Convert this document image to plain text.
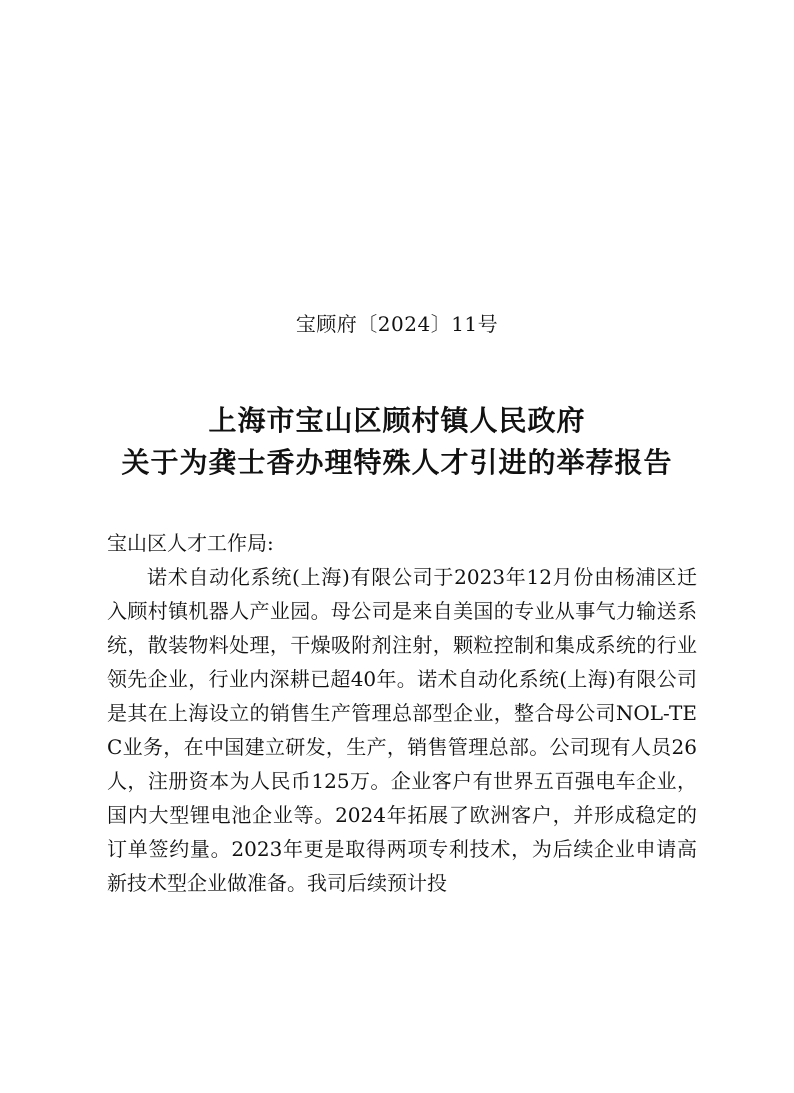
宝顾府〔2024〕11号
上海市宝山区顾村镇人民政府
关于为龚士香办理特殊人才引进的举荐报告

宝山区人才工作局:

诺术自动化系统(上海)有限公司于2023年12月份由杨浦区迁入顾村镇机器人产业园。母公司是来自美国的专业从事气力输送系统，散装物料处理，干燥吸附剂注射，颗粒控制和集成系统的行业领先企业，行业内深耕已超40年。诺术自动化系统(上海)有限公司是其在上海设立的销售生产管理总部型企业，整合母公司NOL-TEC业务，在中国建立研发，生产，销售管理总部。公司现有人员26人，注册资本为人民币125万。企业客户有世界五百强电车企业，国内大型锂电池企业等。2024年拓展了欧洲客户，并形成稳定的订单签约量。2023年更是取得两项专利技术，为后续企业申请高新技术型企业做准备。我司后续预计投
